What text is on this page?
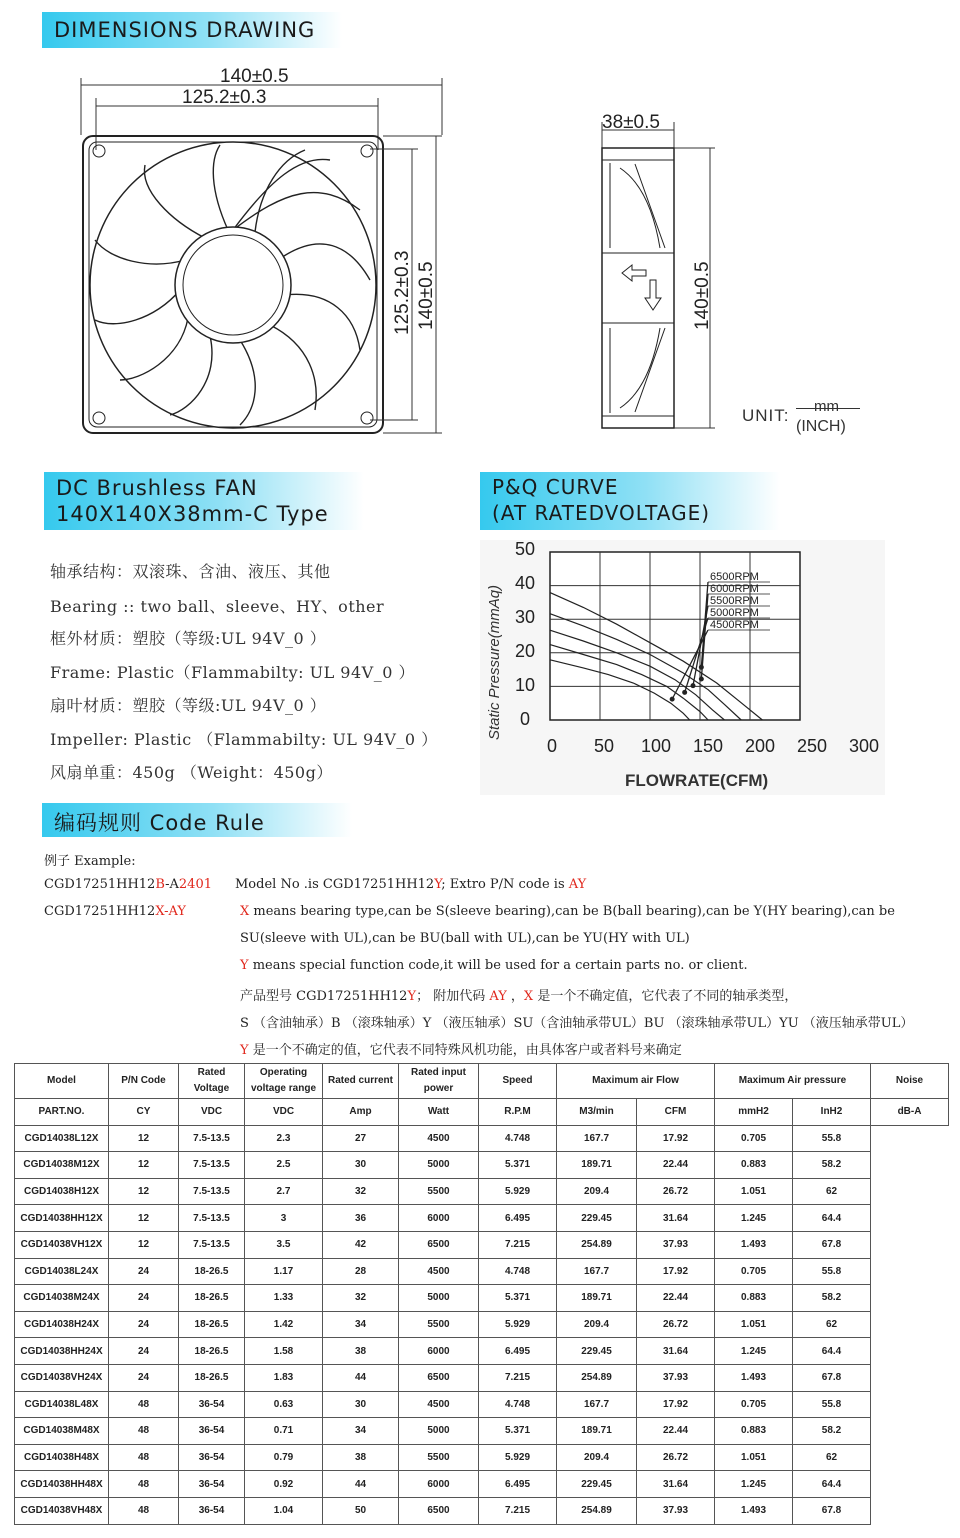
DIMENSIONS DRAWING
140±0.5
125.2±0.3
125.2±0.3 140±0.5
38±0.5
140±0.5
UNIT: mm
(INCH)
DC Brushless FAN
140X140X38mm-C Type
P&Q CURVE
(AT RATEDVOLTAGE)
轴承结构：双滚珠、含油、液压、其他
Bearing :: two ball、sleeve、HY、other
框外材质：塑胶（等级:UL 94V_0 ）
Frame: Plastic（Flammabilty: UL 94V_0 ）
扇叶材质：塑胶（等级:UL 94V_0 ）
Impeller: Plastic （Flammabilty: UL 94V_0 ）
风扇单重：450g （Weight：450g）
0
10
20
30
40
50
0 50 100 150 200 250 300
6500RPM
6000RPM
5500RPM
5000RPM
4500RPM
Static Pressure(mmAq)
FLOWRATE(CFM)
编码规则 Code Rule
例子 Example:
CGD17251HH12B-A2401 Model No .is CGD17251HH12Y; Extro P/N code is AY
CGD17251HH12X-AY	X means bearing type,can be S(sleeve bearing),can be B(ball bearing),can be Y(HY bearing),can be
SU(sleeve with UL),can be BU(ball with UL),can be YU(HY with UL)
Y means special function code,it will be used for a certain parts no. or client.
产品型号 CGD17251HH12Y； 附加代码 AY ，X 是一个不确定值，它代表了不同的轴承类型，
S （含油轴承）B （滚珠轴承）Y （液压轴承）SU（含油轴承带UL）BU （滚珠轴承带UL）YU （液压轴承带UL）
Y 是一个不确定的值，它代表不同特殊风机功能，由具体客户或者料号来确定
Model	P/N Code	Rated Voltage	Operating voltage range	Rated current	Rated input power	Speed	Maximum air Flow		Maximum Air pressure		Noise
PART.NO.	CY	VDC	VDC	Amp	Watt	R.P.M	M3/min	CFM	mmH2	InH2	dB-A
CGD14038L12X	12	7.5-13.5	2.3	27	4500	4.748	167.7	17.92	0.705	55.8	
CGD14038M12X	12	7.5-13.5	2.5	30	5000	5.371	189.71	22.44	0.883	58.2	
CGD14038H12X	12	7.5-13.5	2.7	32	5500	5.929	209.4	26.72	1.051	62	
CGD14038HH12X	12	7.5-13.5	3	36	6000	6.495	229.45	31.64	1.245	64.4	
CGD14038VH12X	12	7.5-13.5	3.5	42	6500	7.215	254.89	37.93	1.493	67.8	
CGD14038L24X	24	18-26.5	1.17	28	4500	4.748	167.7	17.92	0.705	55.8	
CGD14038M24X	24	18-26.5	1.33	32	5000	5.371	189.71	22.44	0.883	58.2	
CGD14038H24X	24	18-26.5	1.42	34	5500	5.929	209.4	26.72	1.051	62	
CGD14038HH24X	24	18-26.5	1.58	38	6000	6.495	229.45	31.64	1.245	64.4	
CGD14038VH24X	24	18-26.5	1.83	44	6500	7.215	254.89	37.93	1.493	67.8	
CGD14038L48X	48	36-54	0.63	30	4500	4.748	167.7	17.92	0.705	55.8	
CGD14038M48X	48	36-54	0.71	34	5000	5.371	189.71	22.44	0.883	58.2	
CGD14038H48X	48	36-54	0.79	38	5500	5.929	209.4	26.72	1.051	62	
CGD14038HH48X	48	36-54	0.92	44	6000	6.495	229.45	31.64	1.245	64.4	
CGD14038VH48X	48	36-54	1.04	50	6500	7.215	254.89	37.93	1.493	67.8	
